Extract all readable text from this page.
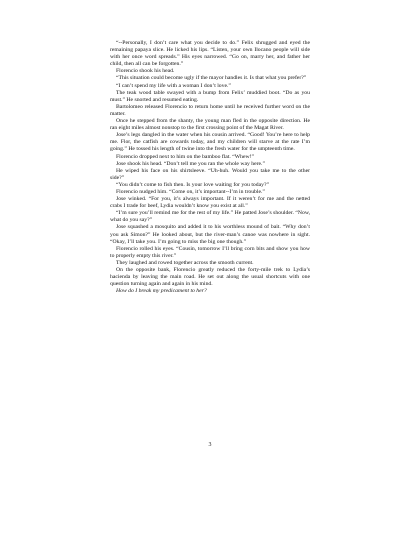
“--Personally, I don’t care what you decide to do.” Felix shrugged and eyed the remaining papaya slice. He licked his lips. “Listen, your own Ilocano people will side with her once word spreads.” His eyes narrowed. “Go on, marry her, and father her child, then all can be forgotten.”

Florencio shook his head.

“This situation could become ugly if the mayor handles it. Is that what you prefer?”

“I can’t spend my life with a woman I don’t love.”

The teak wood table swayed with a bump from Felix’ muddied boot. “Do as you must.” He snorted and resumed eating.

Bartolomeo released Florencio to return home until he received further word on the matter.

Once he stepped from the shanty, the young man fled in the opposite direction. He ran eight miles almost nonstop to the first crossing point of the Magat River.

Jose’s legs dangled in the water when his cousin arrived. “Good! You’re here to help me. Flor, the catfish are cowards today, and my children will starve at the rate I’m going.” He tossed his length of twine into the fresh water for the umpteenth time.

Florencio dropped next to him on the bamboo flat. “Whew!”

Jose shook his head. “Don’t tell me you ran the whole way here.”

He wiped his face on his shirtsleeve. “Uh-huh. Would you take me to the other side?”

“You didn’t come to fish then. Is your love waiting for you today?”

Florencio nudged him. “Come on, it’s important--I’m in trouble.”

Jose winked. “For you, it’s always important. If it weren’t for me and the netted crabs I trade for beef, Lydia wouldn’t know you exist at all.”

“I’m sure you’ll remind me for the rest of my life.” He patted Jose’s shoulder. “Now, what do you say?”

Jose squashed a mosquito and added it to his worthless mound of bait. “Why don’t you ask Simon?” He looked about, but the river-man’s canoe was nowhere in sight. “Okay, I’ll take you. I’m going to miss the big one though.”

Florencio rolled his eyes. “Cousin, tomorrow I’ll bring corn bits and show you how to properly empty this river.”

They laughed and rowed together across the smooth current.

On the opposite bank, Florencio greatly reduced the forty-mile trek to Lydia’s hacienda by leaving the main road. He set out along the usual shortcuts with one question turning again and again in his mind.

How do I break my predicament to her?

3
